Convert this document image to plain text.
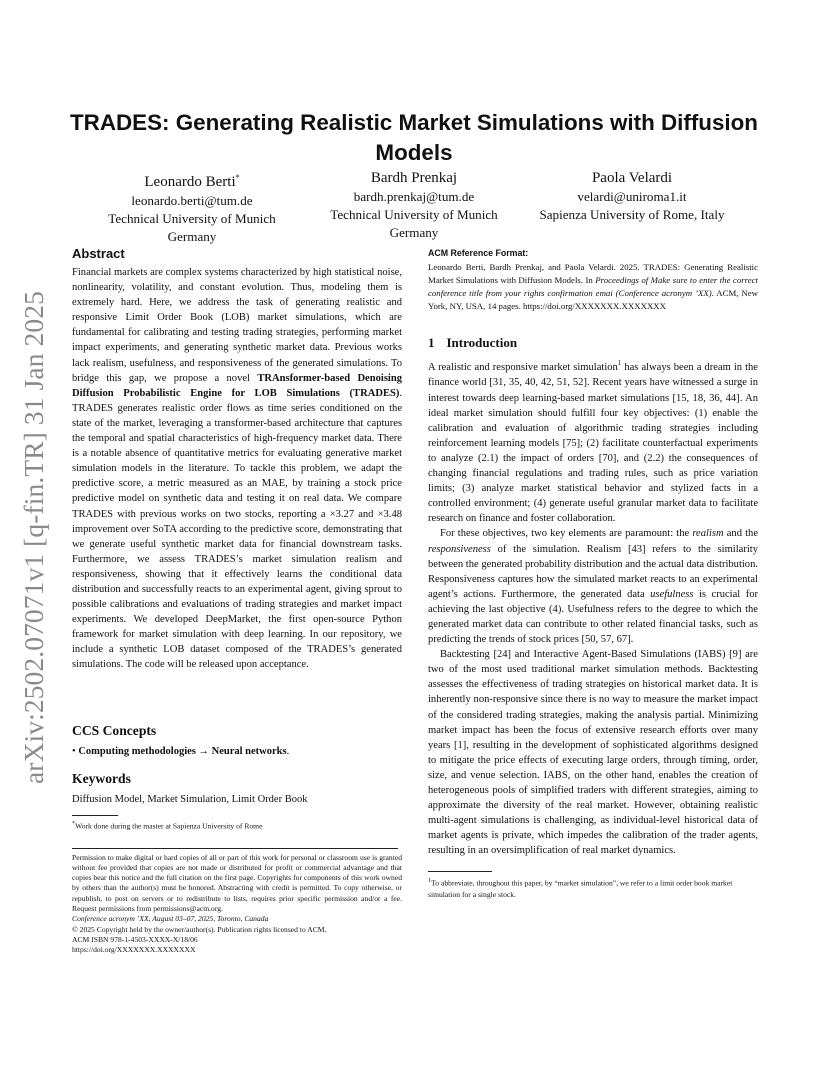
arXiv:2502.07071v1 [q-fin.TR] 31 Jan 2025
TRADES: Generating Realistic Market Simulations with Diffusion Models
Leonardo Berti*
leonardo.berti@tum.de
Technical University of Munich
Germany
Bardh Prenkaj
bardh.prenkaj@tum.de
Technical University of Munich
Germany
Paola Velardi
velardi@uniroma1.it
Sapienza University of Rome, Italy
Abstract

Financial markets are complex systems characterized by high statistical noise, nonlinearity, volatility, and constant evolution. Thus, modeling them is extremely hard. Here, we address the task of generating realistic and responsive Limit Order Book (LOB) market simulations, which are fundamental for calibrating and testing trading strategies, performing market impact experiments, and generating synthetic market data. Previous works lack realism, usefulness, and responsiveness of the generated simulations. To bridge this gap, we propose a novel TRAnsformer-based Denoising Diffusion Probabilistic Engine for LOB Simulations (TRADES). TRADES generates realistic order flows as time series conditioned on the state of the market, leveraging a transformer-based architecture that captures the temporal and spatial characteristics of high-frequency market data. There is a notable absence of quantitative metrics for evaluating generative market simulation models in the literature. To tackle this problem, we adapt the predictive score, a metric measured as an MAE, by training a stock price predictive model on synthetic data and testing it on real data. We compare TRADES with previous works on two stocks, reporting a ×3.27 and ×3.48 improvement over SoTA according to the predictive score, demonstrating that we generate useful synthetic market data for financial downstream tasks. Furthermore, we assess TRADES’s market simulation realism and responsiveness, showing that it effectively learns the conditional data distribution and successfully reacts to an experimental agent, giving sprout to possible calibrations and evaluations of trading strategies and market impact experiments. We developed DeepMarket, the first open-source Python framework for market simulation with deep learning. In our repository, we include a synthetic LOB dataset composed of the TRADES’s generated simulations. The code will be released upon acceptance.

CCS Concepts

• Computing methodologies → Neural networks.

Keywords

Diffusion Model, Market Simulation, Limit Order Book

*Work done during the master at Sapienza University of Rome

Permission to make digital or hard copies of all or part of this work for personal or classroom use is granted without fee provided that copies are not made or distributed for profit or commercial advantage and that copies bear this notice and the full citation on the first page. Copyrights for components of this work owned by others than the author(s) must be honored. Abstracting with credit is permitted. To copy otherwise, or republish, to post on servers or to redistribute to lists, requires prior specific permission and/or a fee. Request permissions from permissions@acm.org.

Conference acronym ’XX, August 03–07, 2025, Toronto, Canada

© 2025 Copyright held by the owner/author(s). Publication rights licensed to ACM.

ACM ISBN 978-1-4503-XXXX-X/18/06

https://doi.org/XXXXXXX.XXXXXXX

ACM Reference Format:

Leonardo Berti, Bardh Prenkaj, and Paola Velardi. 2025. TRADES: Generating Realistic Market Simulations with Diffusion Models. In Proceedings of Make sure to enter the correct conference title from your rights confirmation emai (Conference acronym ’XX). ACM, New York, NY, USA, 14 pages. https://doi.org/XXXXXXX.XXXXXXX

1 Introduction

A realistic and responsive market simulation$^1$ has always been a dream in the finance world [31, 35, 40, 42, 51, 52]. Recent years have witnessed a surge in interest towards deep learning-based market simulations [15, 18, 36, 44]. An ideal market simulation should fulfill four key objectives: (1) enable the calibration and evaluation of algorithmic trading strategies including reinforcement learning models [75]; (2) facilitate counterfactual experiments to analyze (2.1) the impact of orders [70], and (2.2) the consequences of changing financial regulations and trading rules, such as price variation limits; (3) analyze market statistical behavior and stylized facts in a controlled environment; (4) generate useful granular market data to facilitate research on finance and foster collaboration.

For these objectives, two key elements are paramount: the realism and the responsiveness of the simulation. Realism [43] refers to the similarity between the generated probability distribution and the actual data distribution. Responsiveness captures how the simulated market reacts to an experimental agent’s actions. Furthermore, the generated data usefulness is crucial for achieving the last objective (4). Usefulness refers to the degree to which the generated market data can contribute to other related financial tasks, such as predicting the trends of stock prices [50, 57, 67].

Backtesting [24] and Interactive Agent-Based Simulations (IABS) [9] are two of the most used traditional market simulation methods. Backtesting assesses the effectiveness of trading strategies on historical market data. It is inherently non-responsive since there is no way to measure the market impact of the considered trading strategies, making the analysis partial. Minimizing market impact has been the focus of extensive research efforts over many years [1], resulting in the development of sophisticated algorithms designed to mitigate the price effects of executing large orders, through timing, order, size, and venue selection. IABS, on the other hand, enables the creation of heterogeneous pools of simplified traders with different strategies, aiming to approximate the diversity of the real market. However, obtaining realistic multi-agent simulations is challenging, as individual-level historical data of market agents is private, which impedes the calibration of the trader agents, resulting in an oversimplification of real market dynamics.

$^1$To abbreviate, throughout this paper, by “market simulation”, we refer to a limit order book market simulation for a single stock.
